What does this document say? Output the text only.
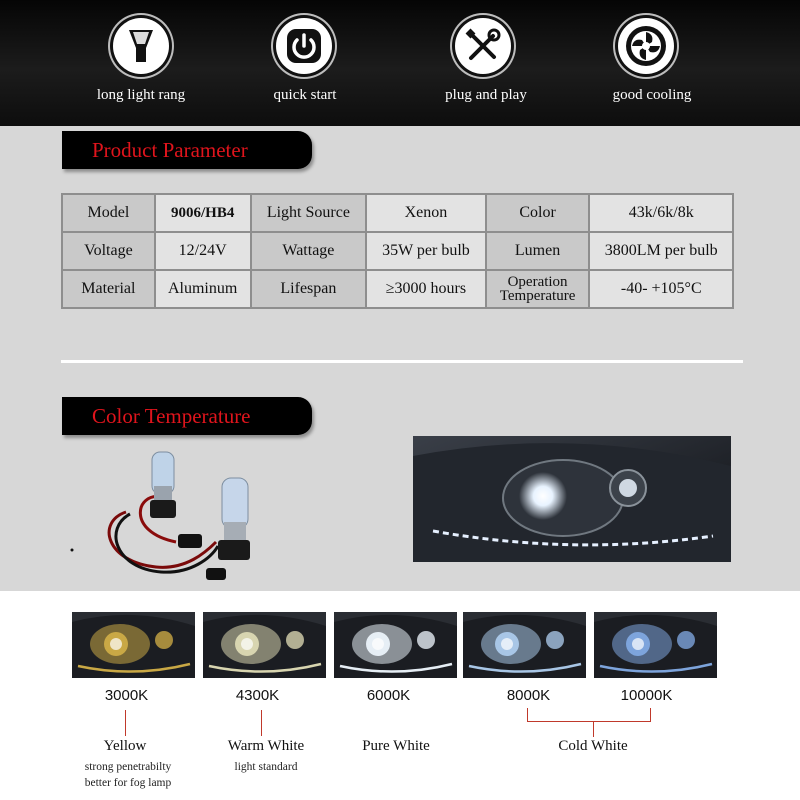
long light rang	quick start	plug and play	good cooling
Product Parameter
Model	9006/HB4	Light Source	Xenon	Color	43k/6k/8k
Voltage	12/24V	Wattage	35W per bulb	Lumen	3800LM per bulb
Material	Aluminum	Lifespan	≥3000 hours	Operation Temperature	-40- +105°C
Color Temperature
3000K	4300K	6000K	8000K	10000K
Yellow
strong penetrabilty
better for fog lamp
Warm White
light standard
Pure White	Cold White
